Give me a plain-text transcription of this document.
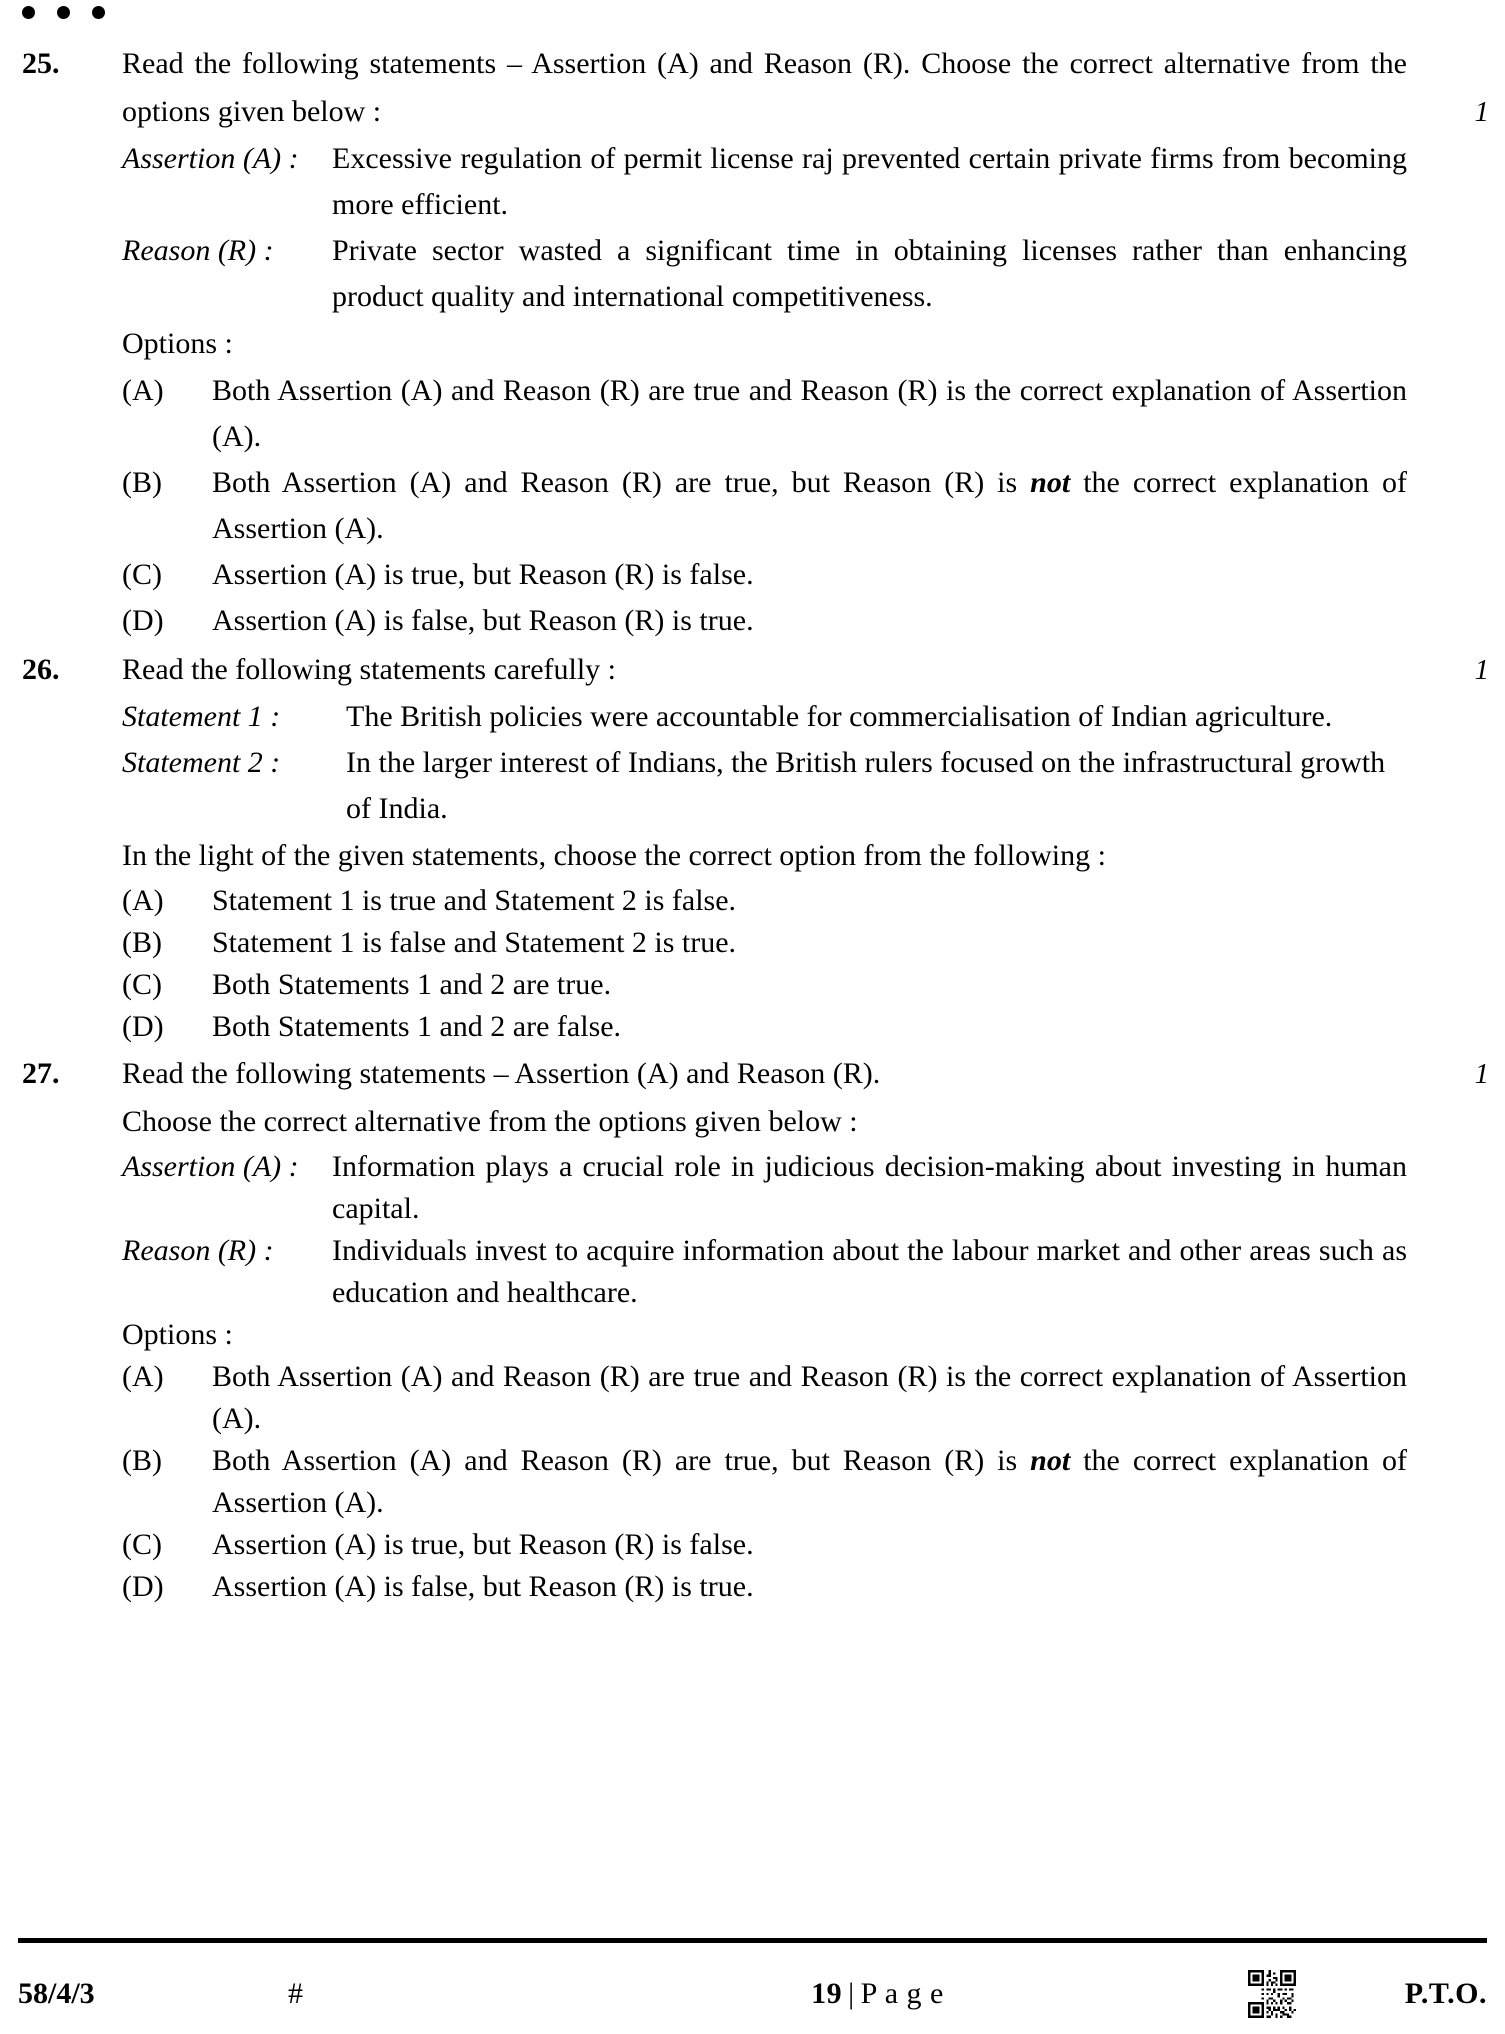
25.	Read the following statements – Assertion (A) and Reason (R). Choose the correct alternative from the options given below :	1
Assertion (A) :	Excessive regulation of permit license raj prevented certain private firms from becoming more efficient.
Reason (R) :	Private sector wasted a significant time in obtaining licenses rather than enhancing product quality and international competitiveness.
Options :
(A)	Both Assertion (A) and Reason (R) are true and Reason (R) is the correct explanation of Assertion (A).
(B)	Both Assertion (A) and Reason (R) are true, but Reason (R) is not the correct explanation of Assertion (A).
(C)	Assertion (A) is true, but Reason (R) is false.
(D)	Assertion (A) is false, but Reason (R) is true.
26.	Read the following statements carefully :	1
Statement 1 :	The British policies were accountable for commercialisation of Indian agriculture.
Statement 2 :	In the larger interest of Indians, the British rulers focused on the infrastructural growth of India.
In the light of the given statements, choose the correct option from the following :
(A)	Statement 1 is true and Statement 2 is false.
(B)	Statement 1 is false and Statement 2 is true.
(C)	Both Statements 1 and 2 are true.
(D)	Both Statements 1 and 2 are false.
27.	Read the following statements – Assertion (A) and Reason (R).
Choose the correct alternative from the options given below :
1
Assertion (A) :	Information plays a crucial role in judicious decision-making about investing in human capital.
Reason (R) :	Individuals invest to acquire information about the labour market and other areas such as education and healthcare.
Options :
(A)	Both Assertion (A) and Reason (R) are true and Reason (R) is the correct explanation of Assertion (A).
(B)	Both Assertion (A) and Reason (R) are true, but Reason (R) is not the correct explanation of Assertion (A).
(C)	Assertion (A) is true, but Reason (R) is false.
(D)	Assertion (A) is false, but Reason (R) is true.
58/4/3	#	19 | P a g e	P.T.O.
